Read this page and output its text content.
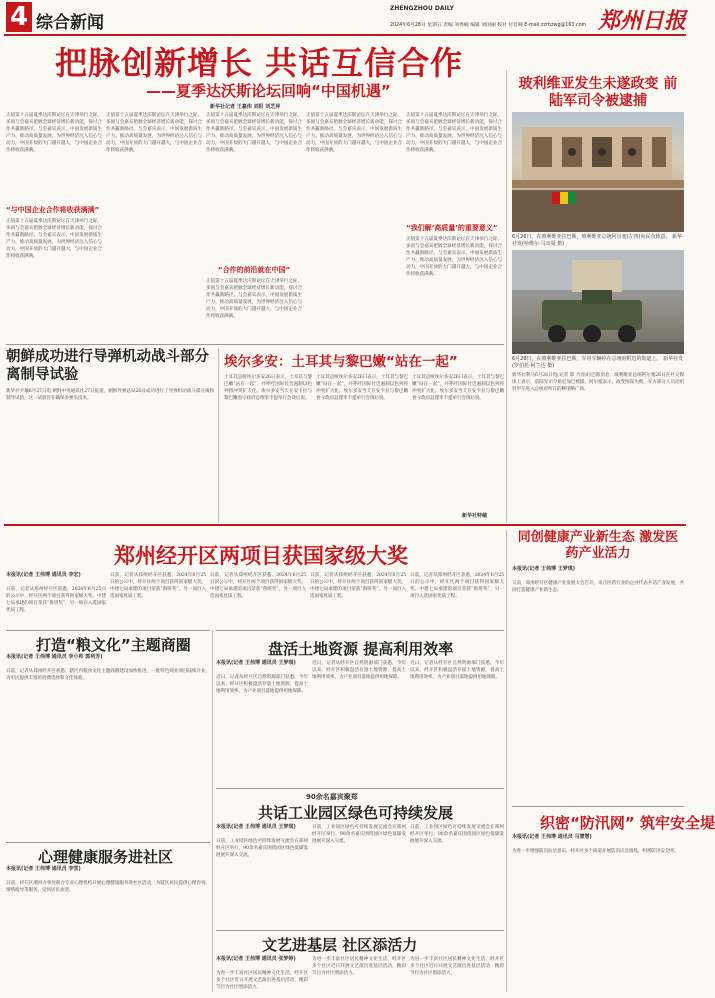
4 综合新闻
ZHENGZHOU DAILY
2024年6月28日 星期五 责编 刘秀楠 编辑 刘国丽 校对 付肖楠 E-mail:zzrbzwg@163.com 郑州日报
把脉创新增长 共话互信合作
——夏季达沃斯论坛回响“中国机遇”
新华社记者 王嘉伟 刘阳 刘芝萍
正值第十五届夏季达沃斯论坛在天津举行之际，多国与会嘉宾把脉全球经济增长新动能，探讨合作共赢新路径。与会嘉宾表示，中国发展新质生产力、推动高质量发展，为世界经济注入信心与动力，中国开放的大门越开越大，与中国企业合作将收获满满。
“与中国企业合作将收获满满”
正值第十五届夏季达沃斯论坛在天津举行之际，多国与会嘉宾把脉全球经济增长新动能，探讨合作共赢新路径。与会嘉宾表示，中国发展新质生产力、推动高质量发展，为世界经济注入信心与动力，中国开放的大门越开越大，与中国企业合作将收获满满。
正值第十五届夏季达沃斯论坛在天津举行之际，多国与会嘉宾把脉全球经济增长新动能，探讨合作共赢新路径。与会嘉宾表示，中国发展新质生产力、推动高质量发展，为世界经济注入信心与动力，中国开放的大门越开越大，与中国企业合作将收获满满。
正值第十五届夏季达沃斯论坛在天津举行之际，多国与会嘉宾把脉全球经济增长新动能，探讨合作共赢新路径。与会嘉宾表示，中国发展新质生产力、推动高质量发展，为世界经济注入信心与动力，中国开放的大门越开越大，与中国企业合作将收获满满。
“合作的前沿就在中国”
正值第十五届夏季达沃斯论坛在天津举行之际，多国与会嘉宾把脉全球经济增长新动能，探讨合作共赢新路径。与会嘉宾表示，中国发展新质生产力、推动高质量发展，为世界经济注入信心与动力，中国开放的大门越开越大，与中国企业合作将收获满满。
正值第十五届夏季达沃斯论坛在天津举行之际，多国与会嘉宾把脉全球经济增长新动能，探讨合作共赢新路径。与会嘉宾表示，中国发展新质生产力、推动高质量发展，为世界经济注入信心与动力，中国开放的大门越开越大，与中国企业合作将收获满满。
正值第十五届夏季达沃斯论坛在天津举行之际，多国与会嘉宾把脉全球经济增长新动能，探讨合作共赢新路径。与会嘉宾表示，中国发展新质生产力、推动高质量发展，为世界经济注入信心与动力，中国开放的大门越开越大，与中国企业合作将收获满满。
“我们解‘高质量’的重要意义”
正值第十五届夏季达沃斯论坛在天津举行之际，多国与会嘉宾把脉全球经济增长新动能，探讨合作共赢新路径。与会嘉宾表示，中国发展新质生产力、推动高质量发展，为世界经济注入信心与动力，中国开放的大门越开越大，与中国企业合作将收获满满。
玻利维亚发生未遂政变 前陆军司令被逮捕
6月26日，在玻利维亚拉巴斯，玻利维亚总统阿尔塞(左四)向民众致意。 新华社发(哈维尔·马耳曼 摄)
6月26日，在玻利维亚拉巴斯，军用车辆停在总统府附近的街道上。 新华社发(罗伯托·阿兰达 摄)
新华社利马6月26日电(记者 郎 乃淳)拉巴斯消息：玻利维亚总统阿尔塞26日在社交媒体上表示，前陆军司令祖尼加已被捕。阿尔塞表示，政变图谋失败，军方部分人员动用装甲车进入总统府所在的穆里略广场。
朝鲜成功进行导弹机动战斗部分离制导试验
新华社平壤6月27日电 朝鲜中央通讯社27日报道，朝鲜导弹总局26日成功进行了导弹机动战斗部分离和制导试验，这一试验旨在确保多弹头技术。
埃尔多安：土耳其与黎巴嫩“站在一起”
土耳其总统埃尔多安26日表示，土耳其与黎巴嫩“站在一起”，并呼吁国际社会遏制以色列将冲突扩大化。埃尔多安当天在安卡拉与黎巴嫩看守政府总理米卡提举行会谈后说。
土耳其总统埃尔多安26日表示，土耳其与黎巴嫩“站在一起”，并呼吁国际社会遏制以色列将冲突扩大化。埃尔多安当天在安卡拉与黎巴嫩看守政府总理米卡提举行会谈后说。
土耳其总统埃尔多安26日表示，土耳其与黎巴嫩“站在一起”，并呼吁国际社会遏制以色列将冲突扩大化。埃尔多安当天在安卡拉与黎巴嫩看守政府总理米卡提举行会谈后说。
新华社特稿
郑州经开区两项目获国家级大奖
本报讯(记者 王伟博 通讯员 李宏)
日前，记者从郑州经开区获悉，2024年6月25日的公示中，经开区两个项目获得国家级大奖。中建七局承建的项目荣获“鲁班奖”，另一项目入选国家优质工程。
日前，记者从郑州经开区获悉，2024年6月25日的公示中，经开区两个项目获得国家级大奖。中建七局承建的项目荣获“鲁班奖”，另一项目入选国家优质工程。
日前，记者从郑州经开区获悉，2024年6月25日的公示中，经开区两个项目获得国家级大奖。中建七局承建的项目荣获“鲁班奖”，另一项目入选国家优质工程。
日前，记者从郑州经开区获悉，2024年6月25日的公示中，经开区两个项目获得国家级大奖。中建七局承建的项目荣获“鲁班奖”，另一项目入选国家优质工程。
日前，记者从郑州经开区获悉，2024年6月25日的公示中，经开区两个项目获得国家级大奖。中建七局承建的项目荣获“鲁班奖”，另一项目入选国家优质工程。
打造“粮文化”主题商圈
本报讯(记者 王伟博 通讯员 李小帅 郭利芳)
日前，记者从郑州经开区获悉，辖区内粮食文化主题商圈建设加快推进，一批特色商业项目陆续开业，为市民提供丰富的消费选择和文化体验。
心理健康服务进社区
本报讯(记者 王伟博 通讯员 李雪)
日前，经开区潮河办事处联合专业心理机构开展心理健康服务进社区活动，为辖区居民提供心理咨询、情绪疏导等服务，受到居民欢迎。
盘活土地资源 提高利用效率
本报讯(记者 王伟博 通讯员 王梦琪)
近日，记者从经开区自然资源部门获悉，今年以来，经开区积极盘活存量土地资源，提高土地利用效率，为产业项目落地提供用地保障。
近日，记者从经开区自然资源部门获悉，今年以来，经开区积极盘活存量土地资源，提高土地利用效率，为产业项目落地提供用地保障。
近日，记者从经开区自然资源部门获悉，今年以来，经开区积极盘活存量土地资源，提高土地利用效率，为产业项目落地提供用地保障。
90余名嘉宾聚郑
共话工业园区绿色可持续发展
本报讯(记者 王伟博 通讯员 王梦琪)
日前，工业园区绿色可持续发展交流会在郑州经开区举行，90余名嘉宾围绕园区绿色低碳发展展开深入交流。
日前，工业园区绿色可持续发展交流会在郑州经开区举行，90余名嘉宾围绕园区绿色低碳发展展开深入交流。
日前，工业园区绿色可持续发展交流会在郑州经开区举行，90余名嘉宾围绕园区绿色低碳发展展开深入交流。
文艺进基层 社区添活力
本报讯(记者 王伟博 通讯员 张梦婷)
为进一步丰富社区居民精神文化生活，经开区多个社区近日开展文艺演出进基层活动，精彩节目为社区增添活力。
为进一步丰富社区居民精神文化生活，经开区多个社区近日开展文艺演出进基层活动，精彩节目为社区增添活力。
为进一步丰富社区居民精神文化生活，经开区多个社区近日开展文艺演出进基层活动，精彩节目为社区增添活力。
同创健康产业新生态 激发医药产业活力
本报讯(记者 王伟博 王梦琪)
日前，郑州经开区健康产业发展大会召开，来自医药行业的企业代表共话产业发展，共同打造健康产业新生态。
织密“防汛网” 筑牢安全堤
本报讯(记者 王伟博 通讯员 马慧慧)
为进一步增强防汛抗旱意识，经开区多个街道开展防汛应急演练，织密防汛安全网。
